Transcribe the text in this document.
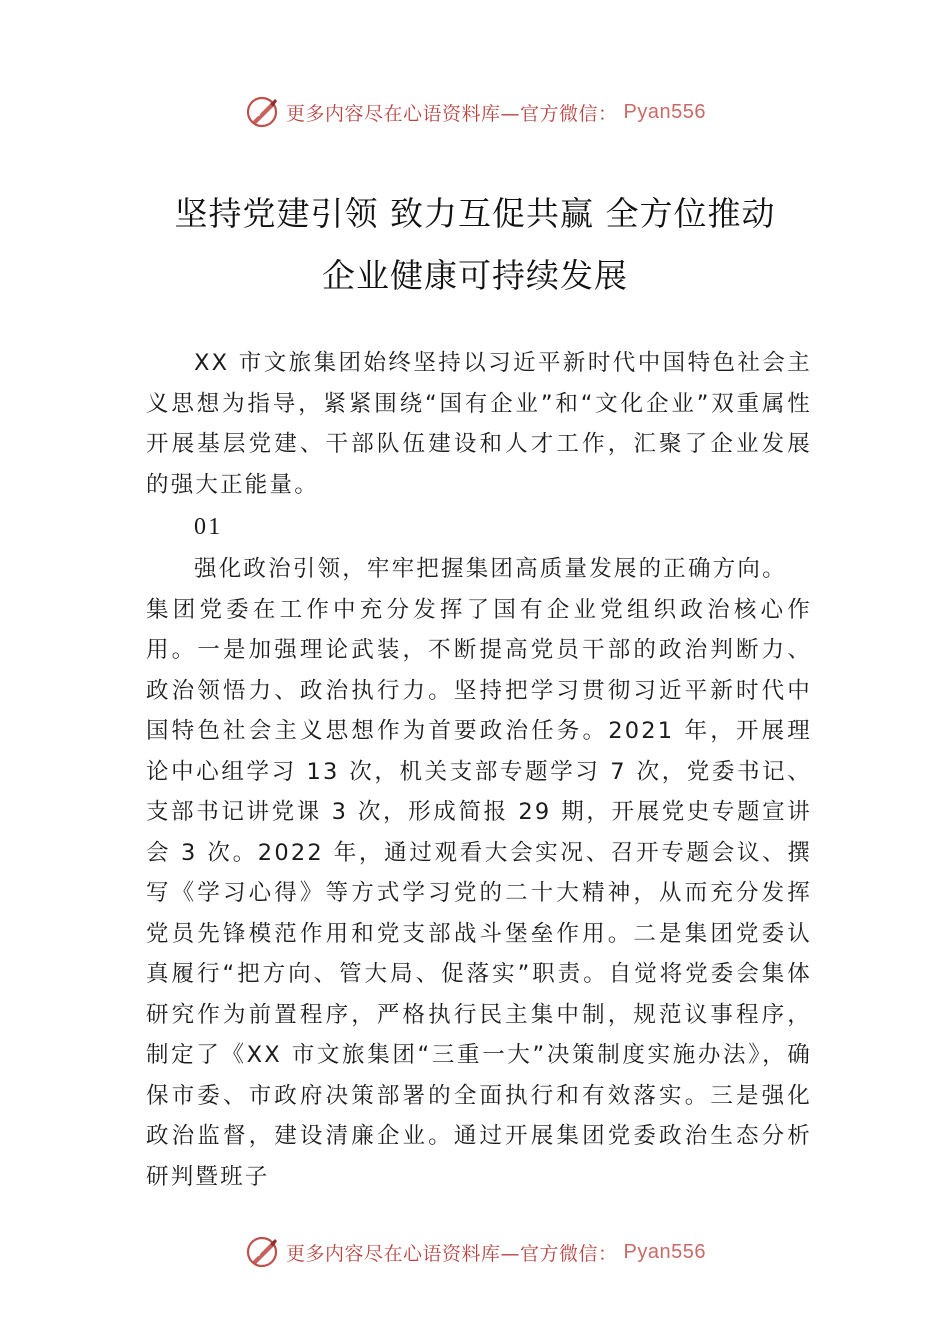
更多内容尽在心语资料库—官方微信： Pyan556
坚持党建引领 致力互促共赢 全方位推动
企业健康可持续发展

XX 市文旅集团始终坚持以习近平新时代中国特色社会主义思想为指导，紧紧围绕“国有企业”和“文化企业”双重属性开展基层党建、干部队伍建设和人才工作，汇聚了企业发展的强大正能量。

01

强化政治引领，牢牢把握集团高质量发展的正确方向。
集团党委在工作中充分发挥了国有企业党组织政治核心作用。一是加强理论武装，不断提高党员干部的政治判断力、政治领悟力、政治执行力。坚持把学习贯彻习近平新时代中国特色社会主义思想作为首要政治任务。2021 年，开展理论中心组学习 13 次，机关支部专题学习 7 次，党委书记、支部书记讲党课 3 次，形成简报 29 期，开展党史专题宣讲会 3 次。2022 年，通过观看大会实况、召开专题会议、撰写《学习心得》等方式学习党的二十大精神，从而充分发挥党员先锋模范作用和党支部战斗堡垒作用。二是集团党委认真履行“把方向、管大局、促落实”职责。自觉将党委会集体研究作为前置程序，严格执行民主集中制，规范议事程序，制定了《XX 市文旅集团“三重一大”决策制度实施办法》，确保市委、市政府决策部署的全面执行和有效落实。三是强化政治监督，建设清廉企业。通过开展集团党委政治生态分析研判暨班子

更多内容尽在心语资料库—官方微信： Pyan556
